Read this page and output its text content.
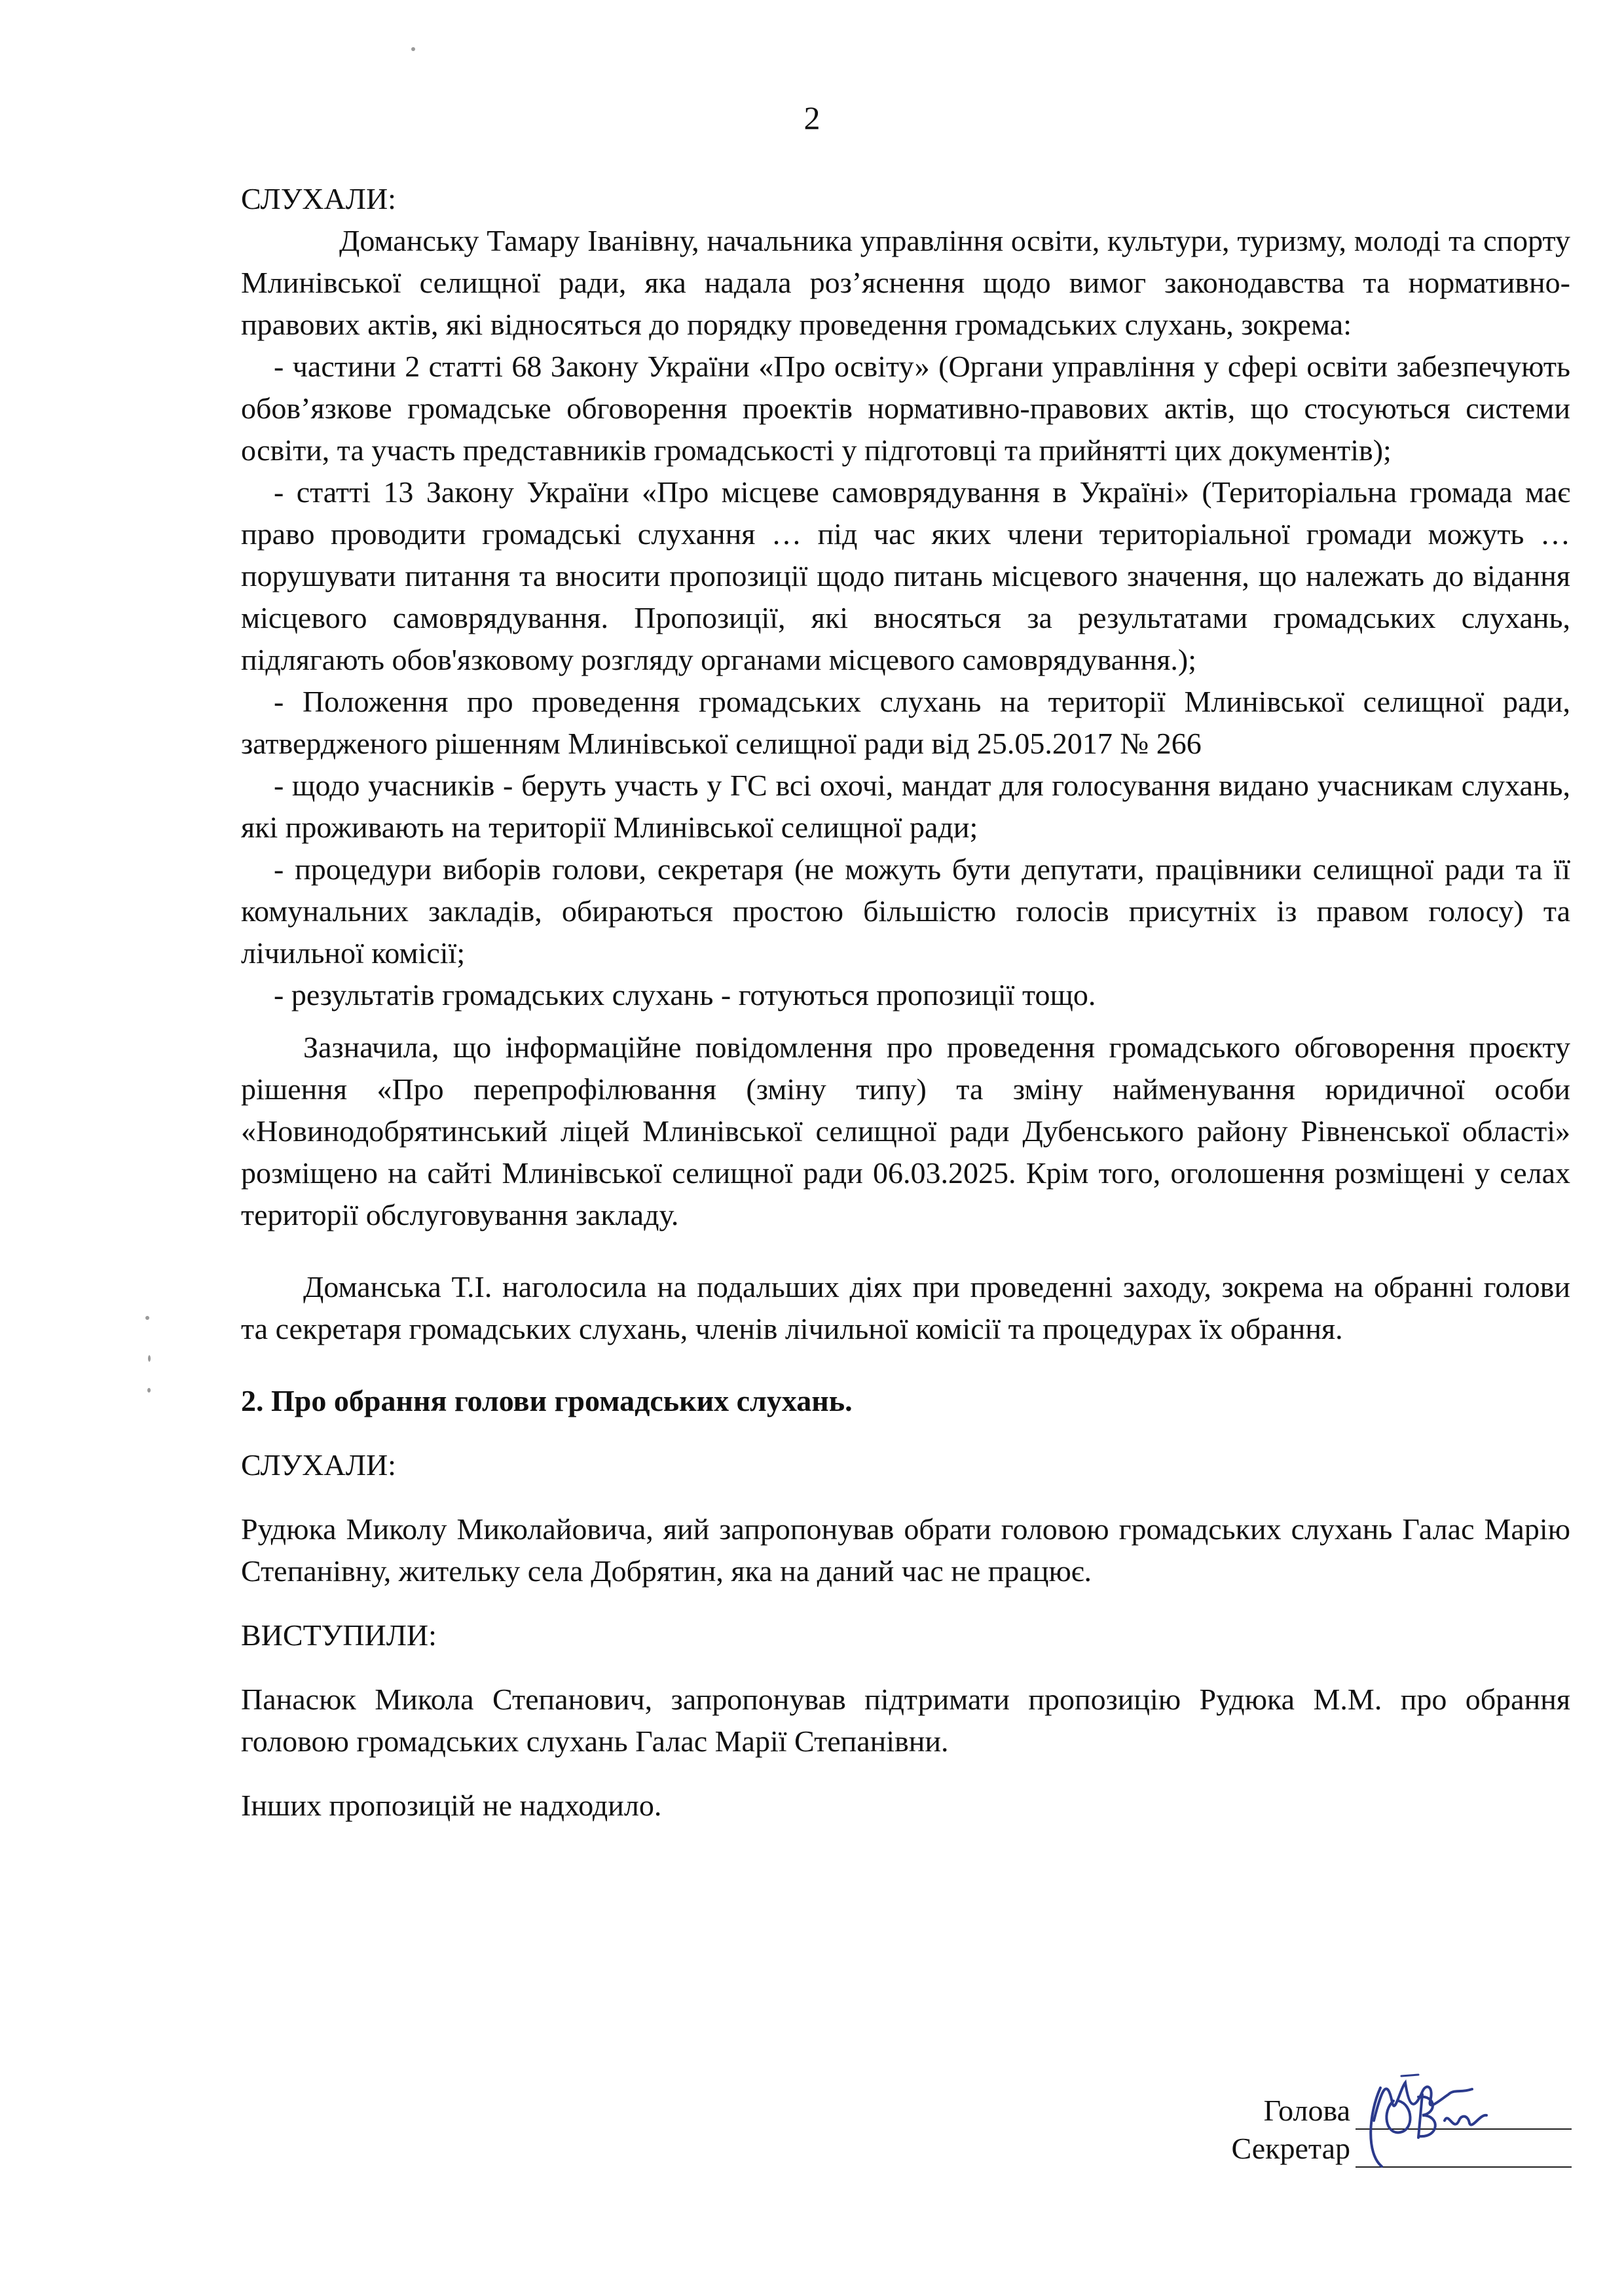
2

СЛУХАЛИ:

Доманську Тамару Іванівну, начальника управління освіти, культури, туризму, молоді та спорту Млинівської селищної ради, яка надала роз’яснення щодо вимог законодавства та нормативно-правових актів, які відносяться до порядку проведення громадських слухань, зокрема:

- частини 2 статті 68 Закону України «Про освіту» (Органи управління у сфері освіти забезпечують обов’язкове громадське обговорення проектів нормативно-правових актів, що стосуються системи освіти, та участь представників громадськості у підготовці та прийнятті цих документів);

- статті 13 Закону України «Про місцеве самоврядування в Україні» (Територіальна громада має право проводити громадські слухання … під час яких члени територіальної громади можуть … порушувати питання та вносити пропозиції щодо питань місцевого значення, що належать до відання місцевого самоврядування. Пропозиції, які вносяться за результатами громадських слухань, підлягають обов'язковому розгляду органами місцевого самоврядування.);

- Положення про проведення громадських слухань на території Млинівської селищної ради, затвердженого рішенням Млинівської селищної ради від 25.05.2017 № 266

- щодо учасників - беруть участь у ГС всі охочі, мандат для голосування видано учасникам слухань, які проживають на території Млинівської селищної ради;

- процедури виборів голови, секретаря (не можуть бути депутати, працівники селищної ради та її комунальних закладів, обираються простою більшістю голосів присутніх із правом голосу) та лічильної комісії;

- результатів громадських слухань - готуються пропозиції тощо.

Зазначила, що інформаційне повідомлення про проведення громадського обговорення проєкту рішення «Про перепрофілювання (зміну типу) та зміну найменування юридичної особи «Новинодобрятинський ліцей Млинівської селищної ради Дубенського району Рівненської області» розміщено на сайті Млинівської селищної ради 06.03.2025. Крім того, оголошення розміщені у селах території обслуговування закладу.

Доманська Т.І. наголосила на подальших діях при проведенні заходу, зокрема на обранні голови та секретаря громадських слухань, членів лічильної комісії та процедурах їх обрання.

2. Про обрання голови громадських слухань.

СЛУХАЛИ:

Рудюка Миколу Миколайовича, яий запропонував обрати головою громадських слухань Галас Марію Степанівну, жительку села Добрятин, яка на даний час не працює.

ВИСТУПИЛИ:

Панасюк Микола Степанович, запропонував підтримати пропозицію Рудюка М.М. про обрання головою громадських слухань Галас Марії Степанівни.

Інших пропозицій не надходило.

Голова
Секретар
